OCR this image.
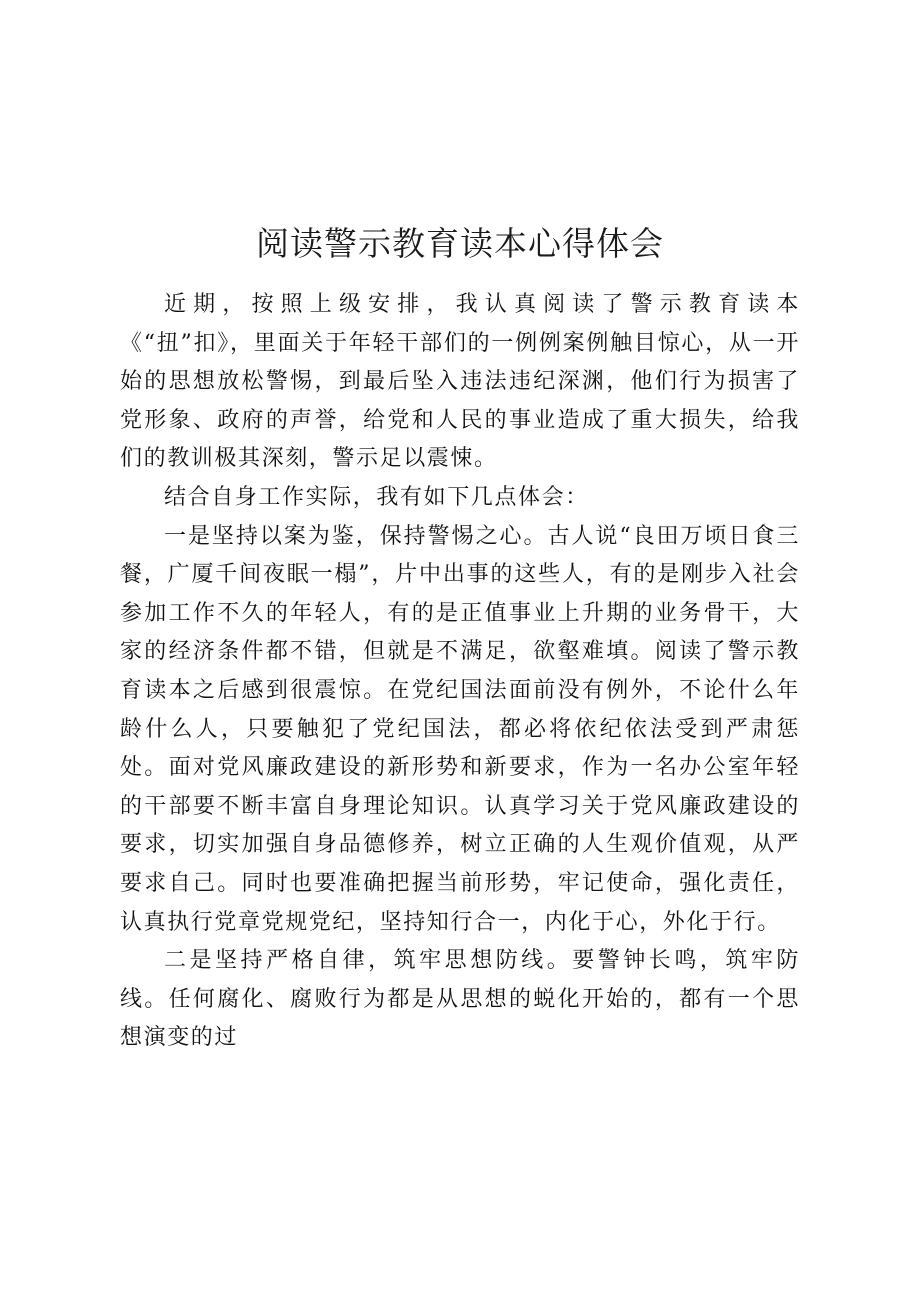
阅读警示教育读本心得体会

近期，按照上级安排，我认真阅读了警示教育读本《“扭”扣》，里面关于年轻干部们的一例例案例触目惊心，从一开始的思想放松警惕，到最后坠入违法违纪深渊，他们行为损害了党形象、政府的声誉，给党和人民的事业造成了重大损失，给我们的教训极其深刻，警示足以震悚。

结合自身工作实际，我有如下几点体会：

一是坚持以案为鉴，保持警惕之心。古人说“良田万顷日食三餐，广厦千间夜眠一榻”，片中出事的这些人，有的是刚步入社会参加工作不久的年轻人，有的是正值事业上升期的业务骨干，大家的经济条件都不错，但就是不满足，欲壑难填。阅读了警示教育读本之后感到很震惊。在党纪国法面前没有例外，不论什么年龄什么人，只要触犯了党纪国法，都必将依纪依法受到严肃惩处。面对党风廉政建设的新形势和新要求，作为一名办公室年轻的干部要不断丰富自身理论知识。认真学习关于党风廉政建设的要求，切实加强自身品德修养，树立正确的人生观价值观，从严要求自己。同时也要准确把握当前形势，牢记使命，强化责任，认真执行党章党规党纪，坚持知行合一，内化于心，外化于行。

二是坚持严格自律，筑牢思想防线。要警钟长鸣，筑牢防线。任何腐化、腐败行为都是从思想的蜕化开始的，都有一个思想演变的过
